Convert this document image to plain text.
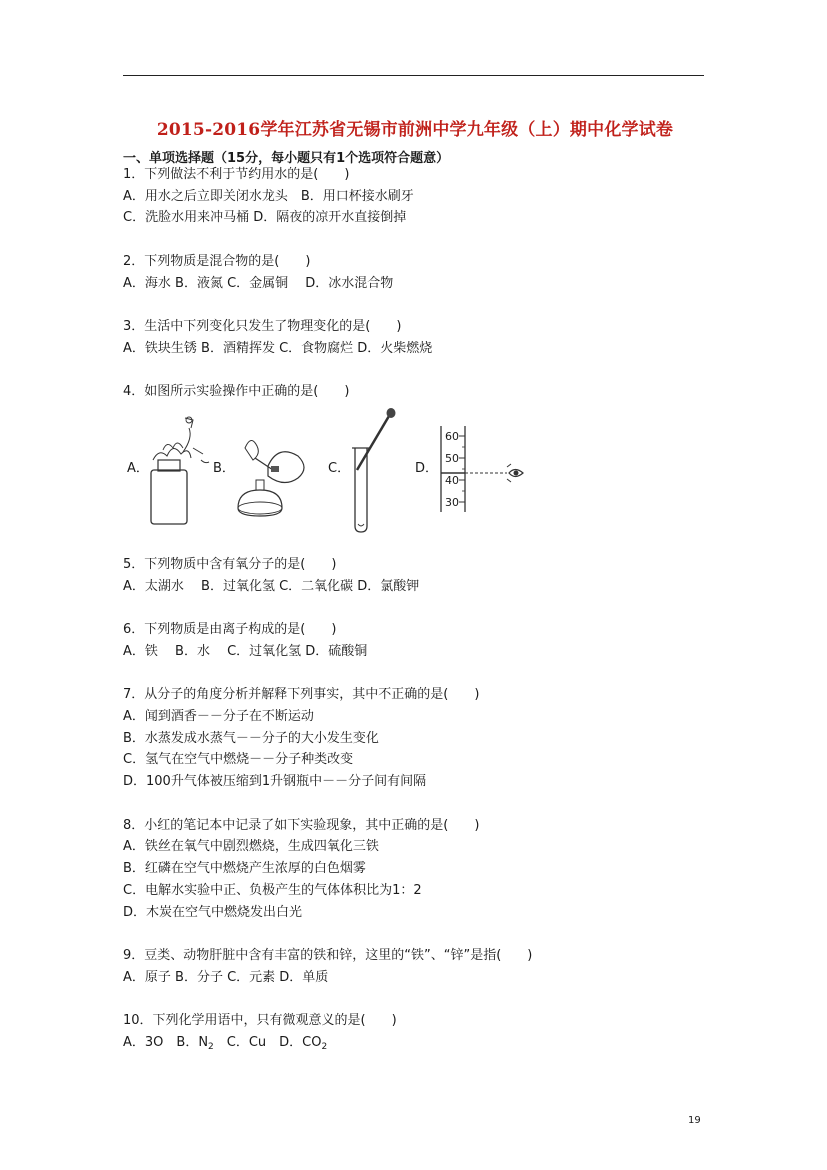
2015-2016学年江苏省无锡市前洲中学九年级（上）期中化学试卷
一、单项选择题（15分，每小题只有1个选项符合题意）
1．下列做法不利于节约用水的是(　　)
A．用水之后立即关闭水龙头　B．用口杯接水刷牙
C．洗脸水用来冲马桶 D．隔夜的凉开水直接倒掉
2．下列物质是混合物的是(　　)
A．海水 B．液氮 C．金属铜　 D．冰水混合物
3．生活中下列变化只发生了物理变化的是(　　)
A．铁块生锈 B．酒精挥发 C．食物腐烂 D．火柴燃烧
4．如图所示实验操作中正确的是(　　)
A．	B．	C．
60
50
40
30
D．
5．下列物质中含有氧分子的是(　　)
A．太湖水　 B．过氧化氢 C．二氧化碳 D．氯酸钾
6．下列物质是由离子构成的是(　　)
A．铁　 B．水　 C．过氧化氢 D．硫酸铜
7．从分子的角度分析并解释下列事实，其中不正确的是(　　)
A．闻到酒香－－分子在不断运动
B．水蒸发成水蒸气－－分子的大小发生变化
C．氢气在空气中燃烧－－分子种类改变
D．100升气体被压缩到1升钢瓶中－－分子间有间隔
8．小红的笔记本中记录了如下实验现象，其中正确的是(　　)
A．铁丝在氧气中剧烈燃烧，生成四氧化三铁
B．红磷在空气中燃烧产生浓厚的白色烟雾
C．电解水实验中正、负极产生的气体体积比为1：2
D．木炭在空气中燃烧发出白光
9．豆类、动物肝脏中含有丰富的铁和锌，这里的“铁”、“锌”是指(　　)
A．原子 B．分子 C．元素 D．单质
10．下列化学用语中，只有微观意义的是(　　)
A．3O　B．$N_2$　C．Cu　D．$CO_2$
19
